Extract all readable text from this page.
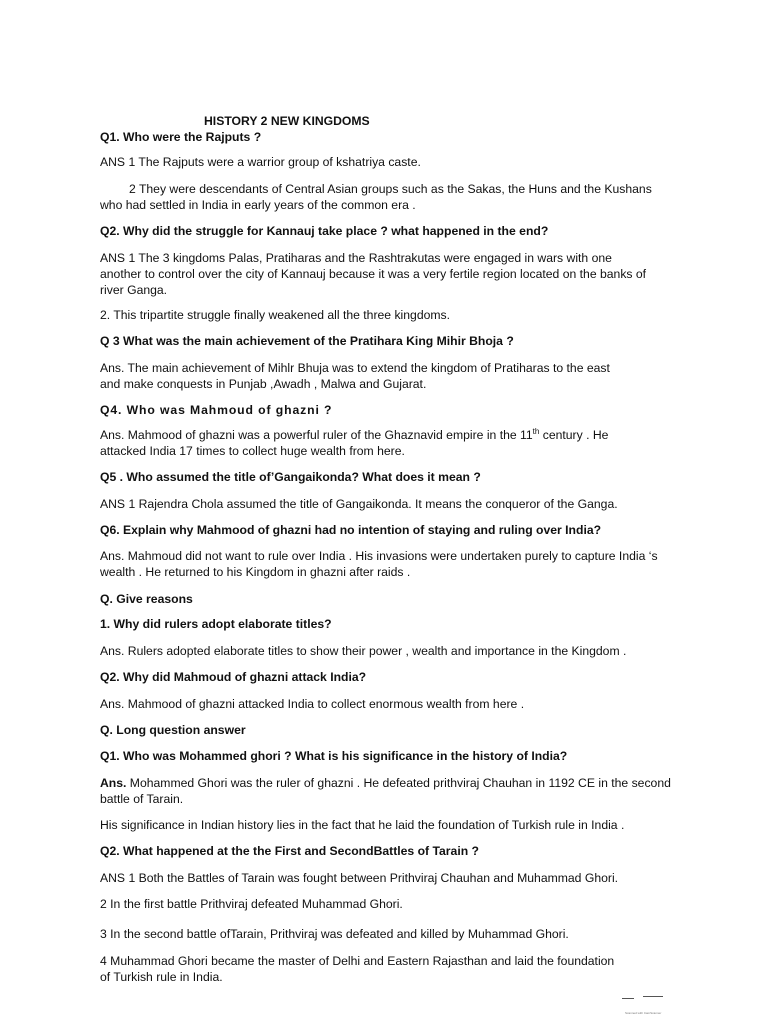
HISTORY 2 NEW KINGDOMS
Q1. Who were the Rajputs ?
ANS 1 The Rajputs were a warrior group of kshatriya caste.
2 They were descendants of Central Asian groups such as the Sakas, the Huns and the Kushans
who had settled in India in early years of the common era .
Q2. Why did the struggle for Kannauj take place ? what happened in the end?
ANS 1 The 3 kingdoms Palas, Pratiharas and the Rashtrakutas were engaged in wars with one
another to control over the city of Kannauj because it was a very fertile region located on the banks of
river Ganga.
2. This tripartite struggle finally weakened all the three kingdoms.
Q 3 What was the main achievement of the Pratihara King Mihir Bhoja ?
Ans. The main achievement of Mihlr Bhuja was to extend the kingdom of Pratiharas to the east
and make conquests in Punjab ,Awadh , Malwa and Gujarat.
Q4. Who was Mahmoud of ghazni ?
Ans. Mahmood of ghazni was a powerful ruler of the Ghaznavid empire in the 11th century . He
attacked India 17 times to collect huge wealth from here.
Q5 . Who assumed the title of’Gangaikonda? What does it mean ?
ANS 1 Rajendra Chola assumed the title of Gangaikonda. It means the conqueror of the Ganga.
Q6. Explain why Mahmood of ghazni had no intention of staying and ruling over India?
Ans. Mahmoud did not want to rule over India . His invasions were undertaken purely to capture India ‘s
wealth . He returned to his Kingdom in ghazni after raids .
Q. Give reasons
1. Why did rulers adopt elaborate titles?
Ans. Rulers adopted elaborate titles to show their power , wealth and importance in the Kingdom .
Q2. Why did Mahmoud of ghazni attack India?
Ans. Mahmood of ghazni attacked India to collect enormous wealth from here .
Q. Long question answer
Q1. Who was Mohammed ghori ? What is his significance in the history of India?
Ans. Mohammed Ghori was the ruler of ghazni . He defeated prithviraj Chauhan in 1192 CE in the second
battle of Tarain.
His significance in Indian history lies in the fact that he laid the foundation of Turkish rule in India .
Q2. What happened at the the First and SecondBattles of Tarain ?
ANS 1 Both the Battles of Tarain was fought between Prithviraj Chauhan and Muhammad Ghori.
2 In the first battle Prithviraj defeated Muhammad Ghori.
3 In the second battle ofTarain, Prithviraj was defeated and killed by Muhammad Ghori.
4 Muhammad Ghori became the master of Delhi and Eastern Rajasthan and laid the foundation
of Turkish rule in India.
Scanned with CamScanner
